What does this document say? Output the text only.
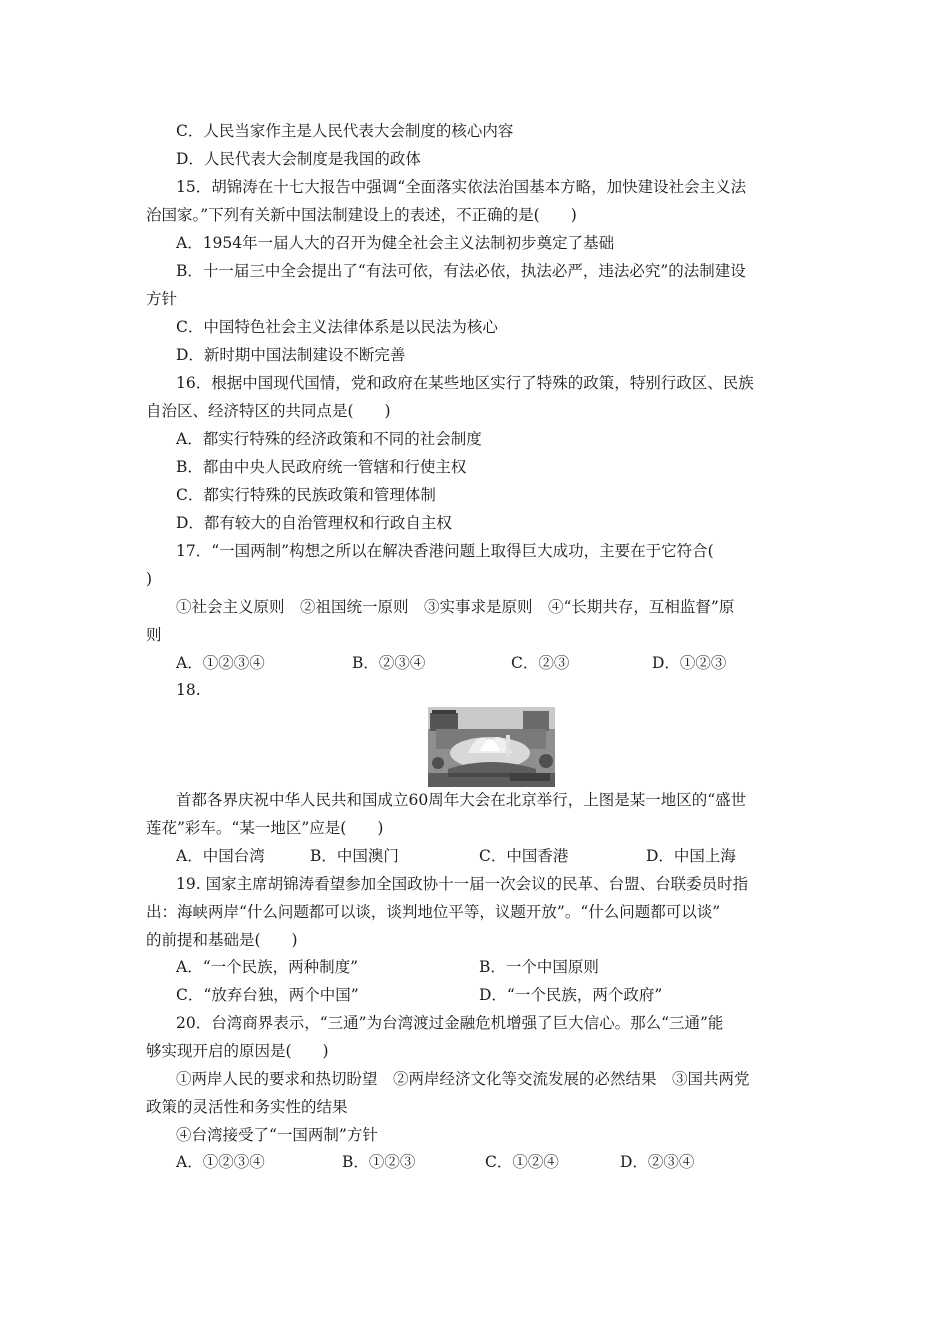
C．人民当家作主是人民代表大会制度的核心内容
D．人民代表大会制度是我国的政体
15．胡锦涛在十七大报告中强调“全面落实依法治国基本方略，加快建设社会主义法
治国家。”下列有关新中国法制建设上的表述，不正确的是(　　)
A．1954年一届人大的召开为健全社会主义法制初步奠定了基础
B．十一届三中全会提出了“有法可依，有法必依，执法必严，违法必究”的法制建设
方针
C．中国特色社会主义法律体系是以民法为核心
D．新时期中国法制建设不断完善
16．根据中国现代国情，党和政府在某些地区实行了特殊的政策，特别行政区、民族
自治区、经济特区的共同点是(　　)
A．都实行特殊的经济政策和不同的社会制度
B．都由中央人民政府统一管辖和行使主权
C．都实行特殊的民族政策和管理体制
D．都有较大的自治管理权和行政自主权
17．“一国两制”构想之所以在解决香港问题上取得巨大成功，主要在于它符合(
)
①社会主义原则　②祖国统一原则　③实事求是原则　④“长期共存，互相监督”原
则
A．①②③④	B．②③④	C．②③	D．①②③
18.
首都各界庆祝中华人民共和国成立60周年大会在北京举行，上图是某一地区的“盛世
莲花”彩车。“某一地区”应是(　　)
A．中国台湾	B．中国澳门	C．中国香港	D．中国上海
19. 国家主席胡锦涛看望参加全国政协十一届一次会议的民革、台盟、台联委员时指
出：海峡两岸“什么问题都可以谈，谈判地位平等，议题开放”。“什么问题都可以谈”
的前提和基础是(　　)
A．“一个民族，两种制度”	B．一个中国原则
C．“放弃台独，两个中国”	D．“一个民族，两个政府”
20．台湾商界表示，“三通”为台湾渡过金融危机增强了巨大信心。那么“三通”能
够实现开启的原因是(　　)
①两岸人民的要求和热切盼望　②两岸经济文化等交流发展的必然结果　③国共两党
政策的灵活性和务实性的结果
④台湾接受了“一国两制”方针
A．①②③④	B．①②③	C．①②④	D．②③④
